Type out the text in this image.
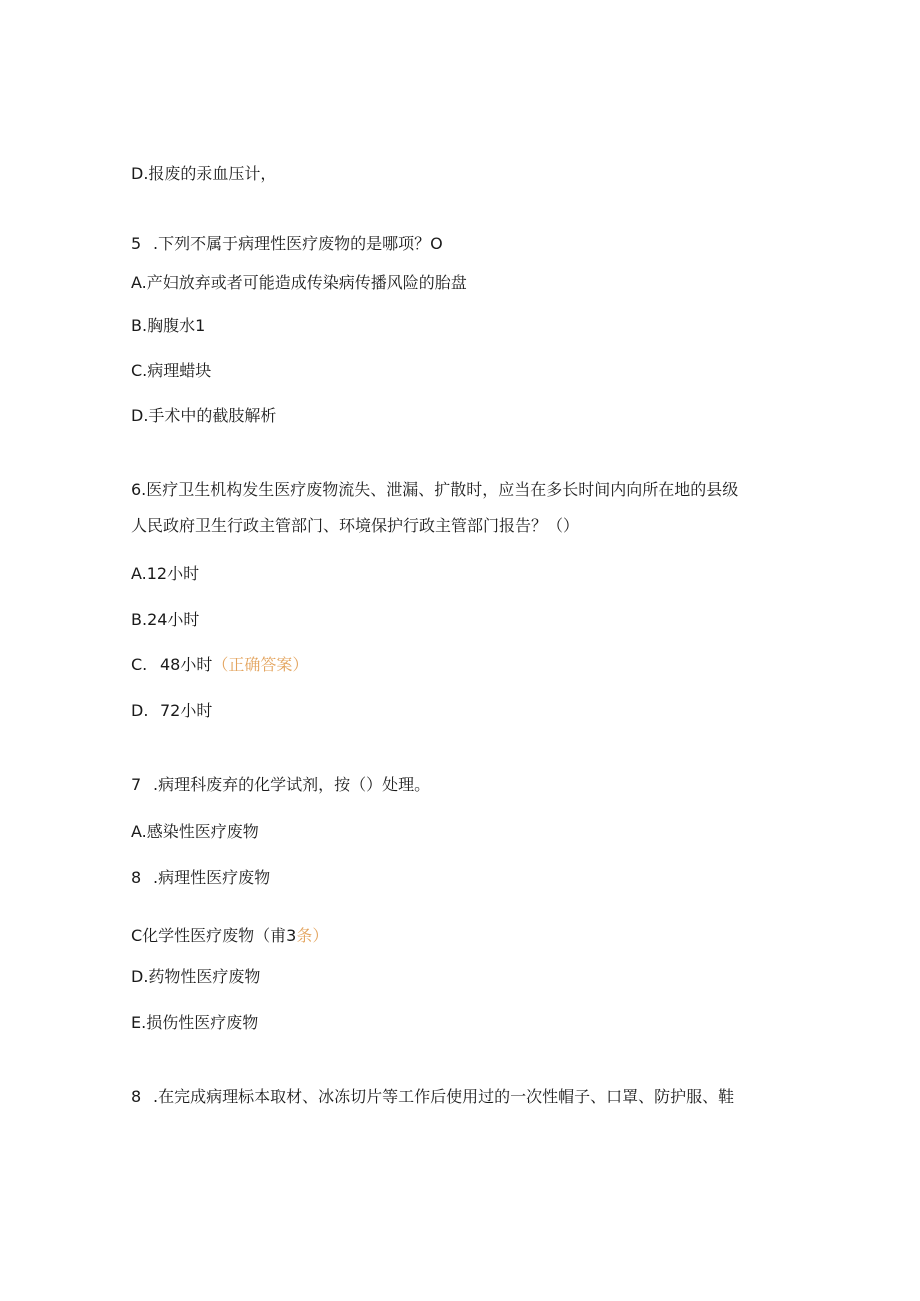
D.报废的汞血压计，
5 .下列不属于病理性医疗废物的是哪项？O
A.产妇放弃或者可能造成传染病传播风险的胎盘
B.胸腹水1
C.病理蜡块
D.手术中的截肢解析
6.医疗卫生机构发生医疗废物流失、泄漏、扩散时，应当在多长时间内向所在地的县级
人民政府卫生行政主管部门、环境保护行政主管部门报告？（）
A.12小时
B.24小时
C. 48小时（正确答案）
D. 72小时
7 .病理科废弃的化学试剂，按（）处理。
A.感染性医疗废物
8 .病理性医疗废物
C化学性医疗废物（甫3条）
D.药物性医疗废物
E.损伤性医疗废物
8 .在完成病理标本取材、冰冻切片等工作后使用过的一次性帽子、口罩、防护服、鞋
